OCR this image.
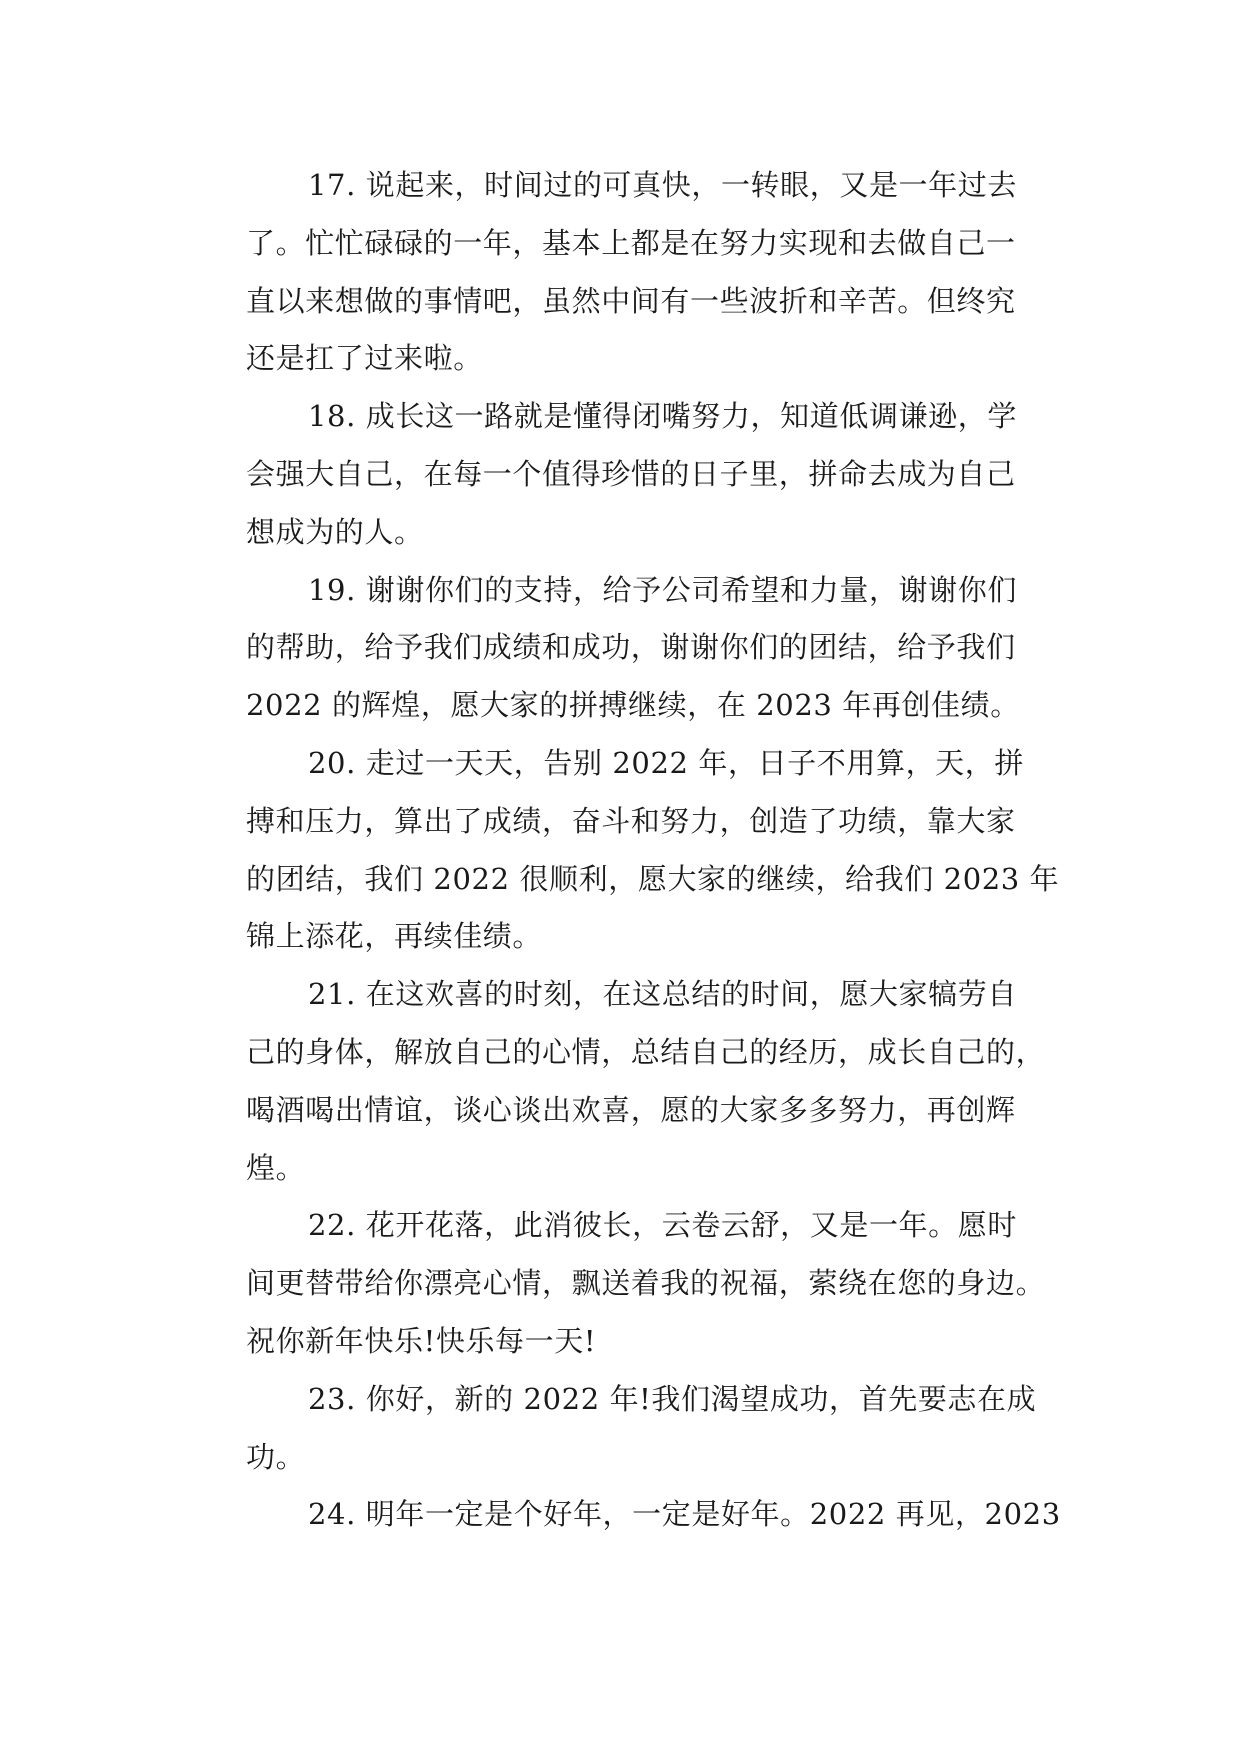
17. 说起来，时间过的可真快，一转眼，又是一年过去
了。忙忙碌碌的一年，基本上都是在努力实现和去做自己一
直以来想做的事情吧，虽然中间有一些波折和辛苦。但终究
还是扛了过来啦。
18. 成长这一路就是懂得闭嘴努力，知道低调谦逊，学
会强大自己，在每一个值得珍惜的日子里，拼命去成为自己
想成为的人。
19. 谢谢你们的支持，给予公司希望和力量，谢谢你们
的帮助，给予我们成绩和成功，谢谢你们的团结，给予我们
2022 的辉煌，愿大家的拼搏继续，在 2023 年再创佳绩。
20. 走过一天天，告别 2022 年，日子不用算，天，拼
搏和压力，算出了成绩，奋斗和努力，创造了功绩，靠大家
的团结，我们 2022 很顺利，愿大家的继续，给我们 2023 年
锦上添花，再续佳绩。
21. 在这欢喜的时刻，在这总结的时间，愿大家犒劳自
己的身体，解放自己的心情，总结自己的经历，成长自己的，
喝酒喝出情谊，谈心谈出欢喜，愿的大家多多努力，再创辉
煌。
22. 花开花落，此消彼长，云卷云舒，又是一年。愿时
间更替带给你漂亮心情，飘送着我的祝福，萦绕在您的身边。
祝你新年快乐!快乐每一天!
23. 你好，新的 2022 年!我们渴望成功，首先要志在成
功。
24. 明年一定是个好年，一定是好年。2022 再见，2023
